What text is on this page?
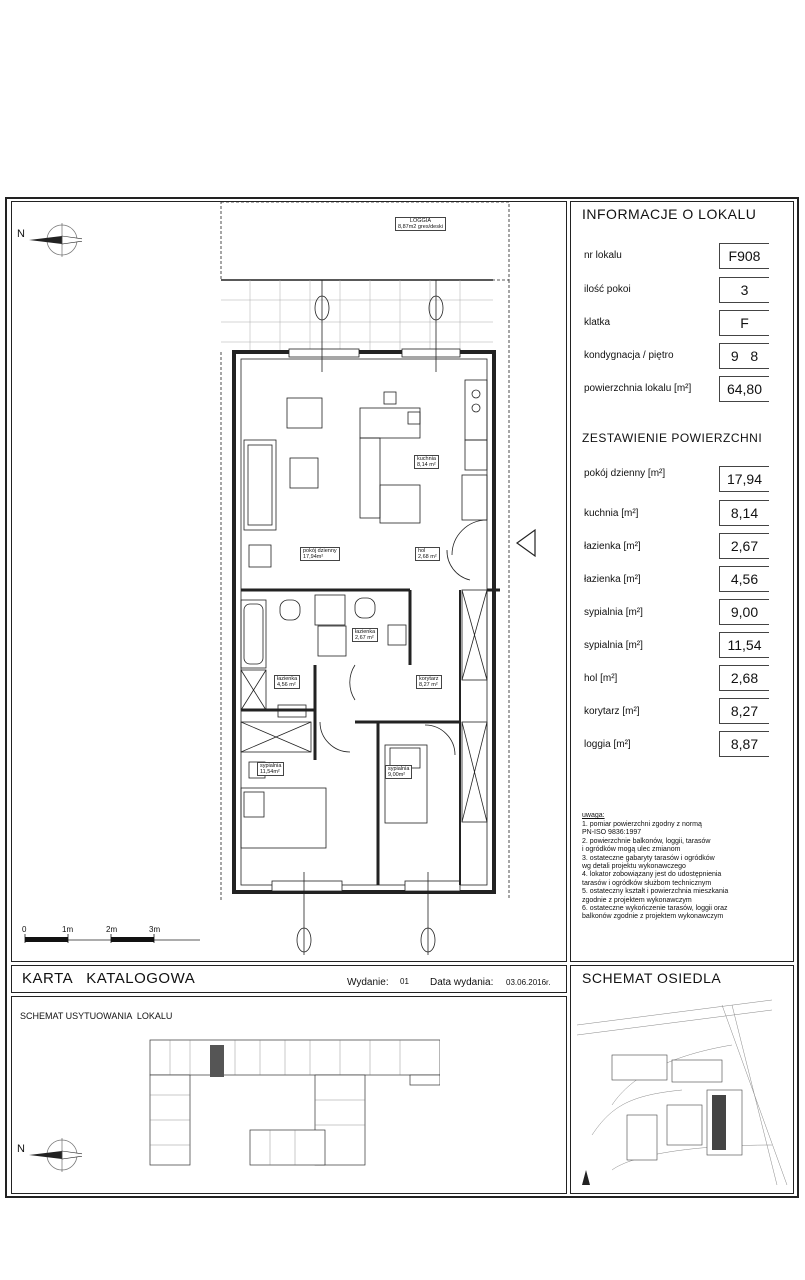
N
LOGGIA
8,87m2 gres/deski
kuchnia
8,14 m²
pokój dzienny
17,94m²
hol
2,68 m²
łazienka
2,67 m²
łazienka
4,56 m²
korytarz
8,27 m²
sypialnia
11,54m²	sypialnia
9,00m²
0	1m	2m	3m
INFORMACJE O LOKALU
nr lokalu	F908
ilość pokoi	3
klatka	F
kondygnacja / piętro	9   8
powierzchnia lokalu [m²]	64,80
ZESTAWIENIE POWIERZCHNI
pokój dzienny [m²]	17,94
kuchnia [m²]	8,14
łazienka [m²]	2,67
łazienka [m²]	4,56
sypialnia [m²]	9,00
sypialnia [m²]	11,54
hol [m²]	2,68
korytarz [m²]	8,27
loggia [m²]	8,87
uwaga:
1. pomiar powierzchni zgodny z normą
PN-ISO 9836:1997
2. powierzchnie balkonów, loggii, tarasów
i ogródków mogą ulec zmianom
3. ostateczne gabaryty tarasów i ogródków
wg detali projektu wykonawczego
4. lokator zobowiązany jest do udostępnienia
tarasów i ogródków służbom technicznym
5. ostateczny kształt i powierzchnia mieszkania
zgodnie z projektem wykonawczym
6. ostateczne wykończenie tarasów, loggii oraz
balkonów zgodnie z projektem wykonawczym
KARTA   KATALOGOWA	Wydanie: 01 Data wydania: 03.06.2016r. SCHEMAT OSIEDLA
SCHEMAT USYTUOWANIA  LOKALU
N
